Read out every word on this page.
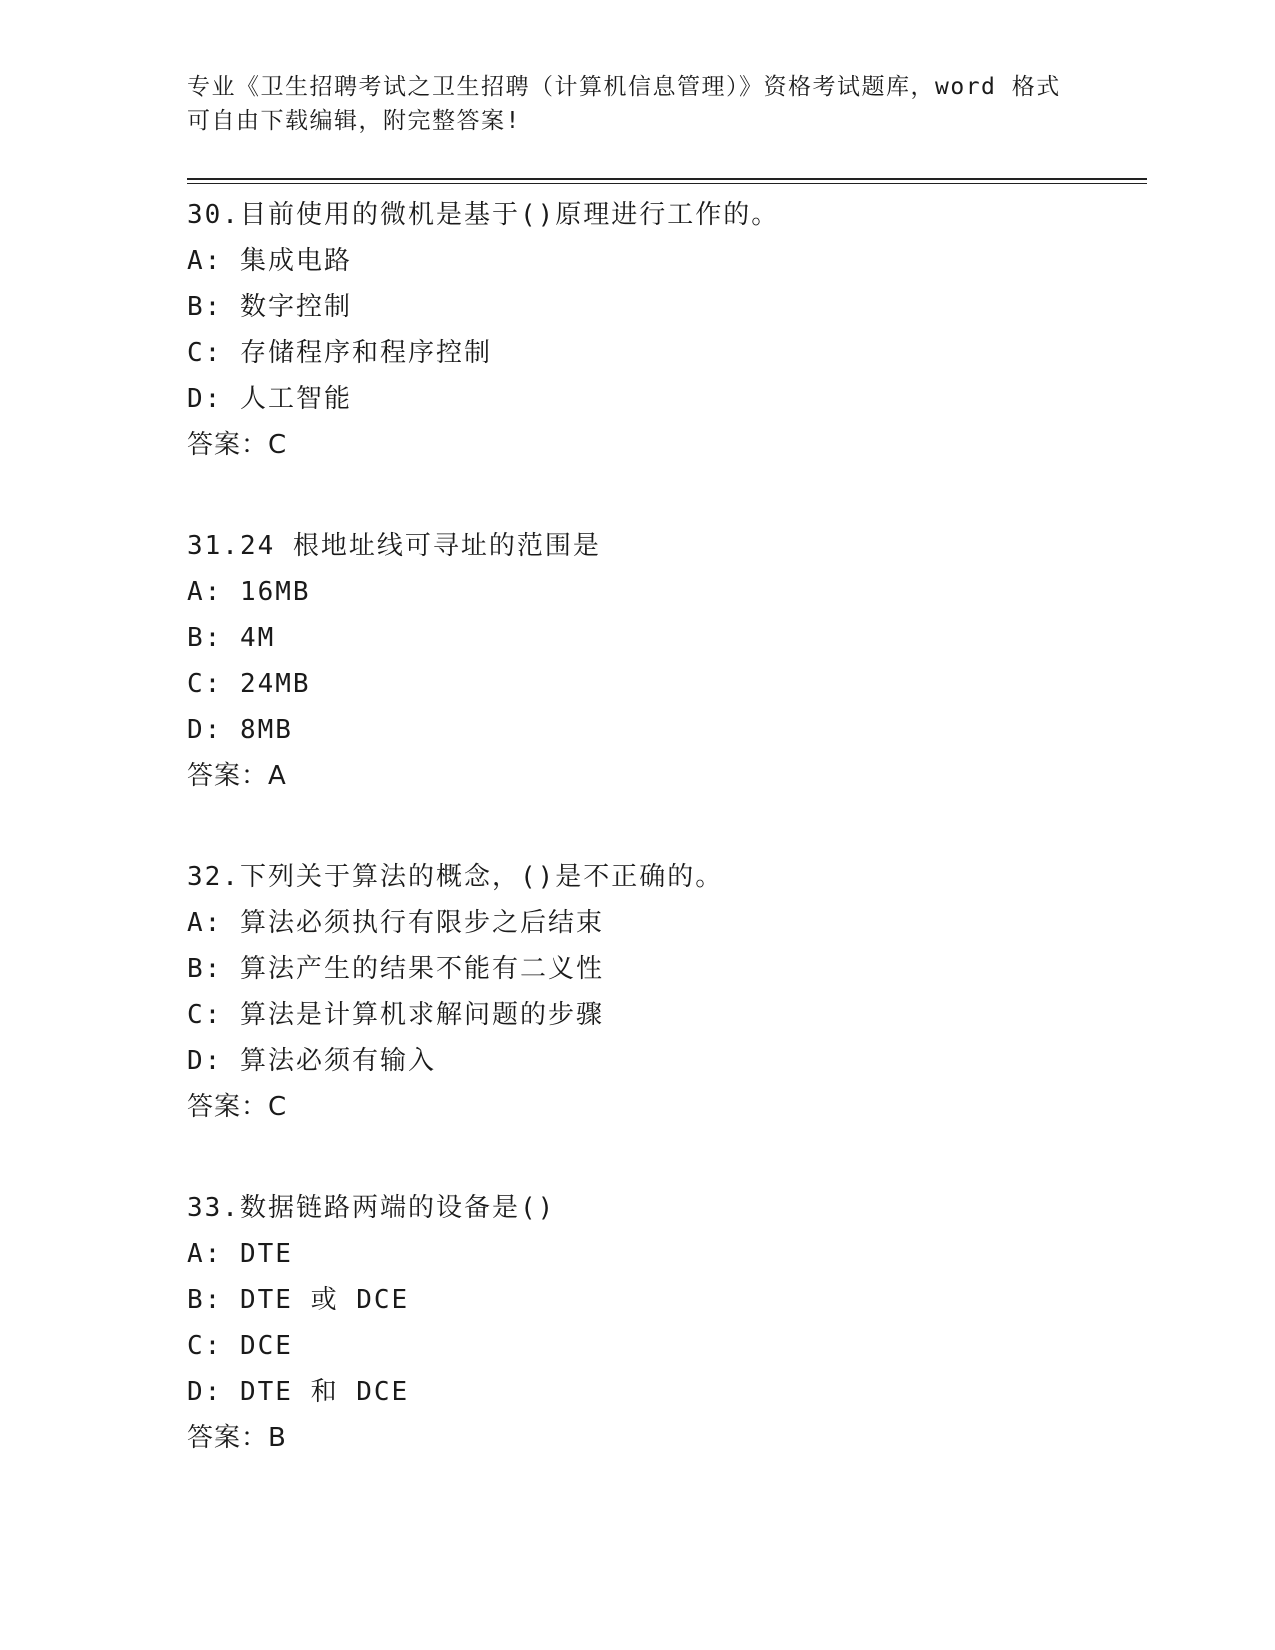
专业《卫生招聘考试之卫生招聘（计算机信息管理）》资格考试题库，word 格式

可自由下载编辑，附完整答案!

30.目前使用的微机是基于()原理进行工作的。
A: 集成电路
B: 数字控制
C: 存储程序和程序控制
D: 人工智能
答案：C
31.24 根地址线可寻址的范围是
A: 16MB
B: 4M
C: 24MB
D: 8MB
答案：A
32.下列关于算法的概念，()是不正确的。
A: 算法必须执行有限步之后结束
B: 算法产生的结果不能有二义性
C: 算法是计算机求解问题的步骤
D: 算法必须有输入
答案：C
33.数据链路两端的设备是()
A: DTE
B: DTE 或 DCE
C: DCE
D: DTE 和 DCE
答案：B
